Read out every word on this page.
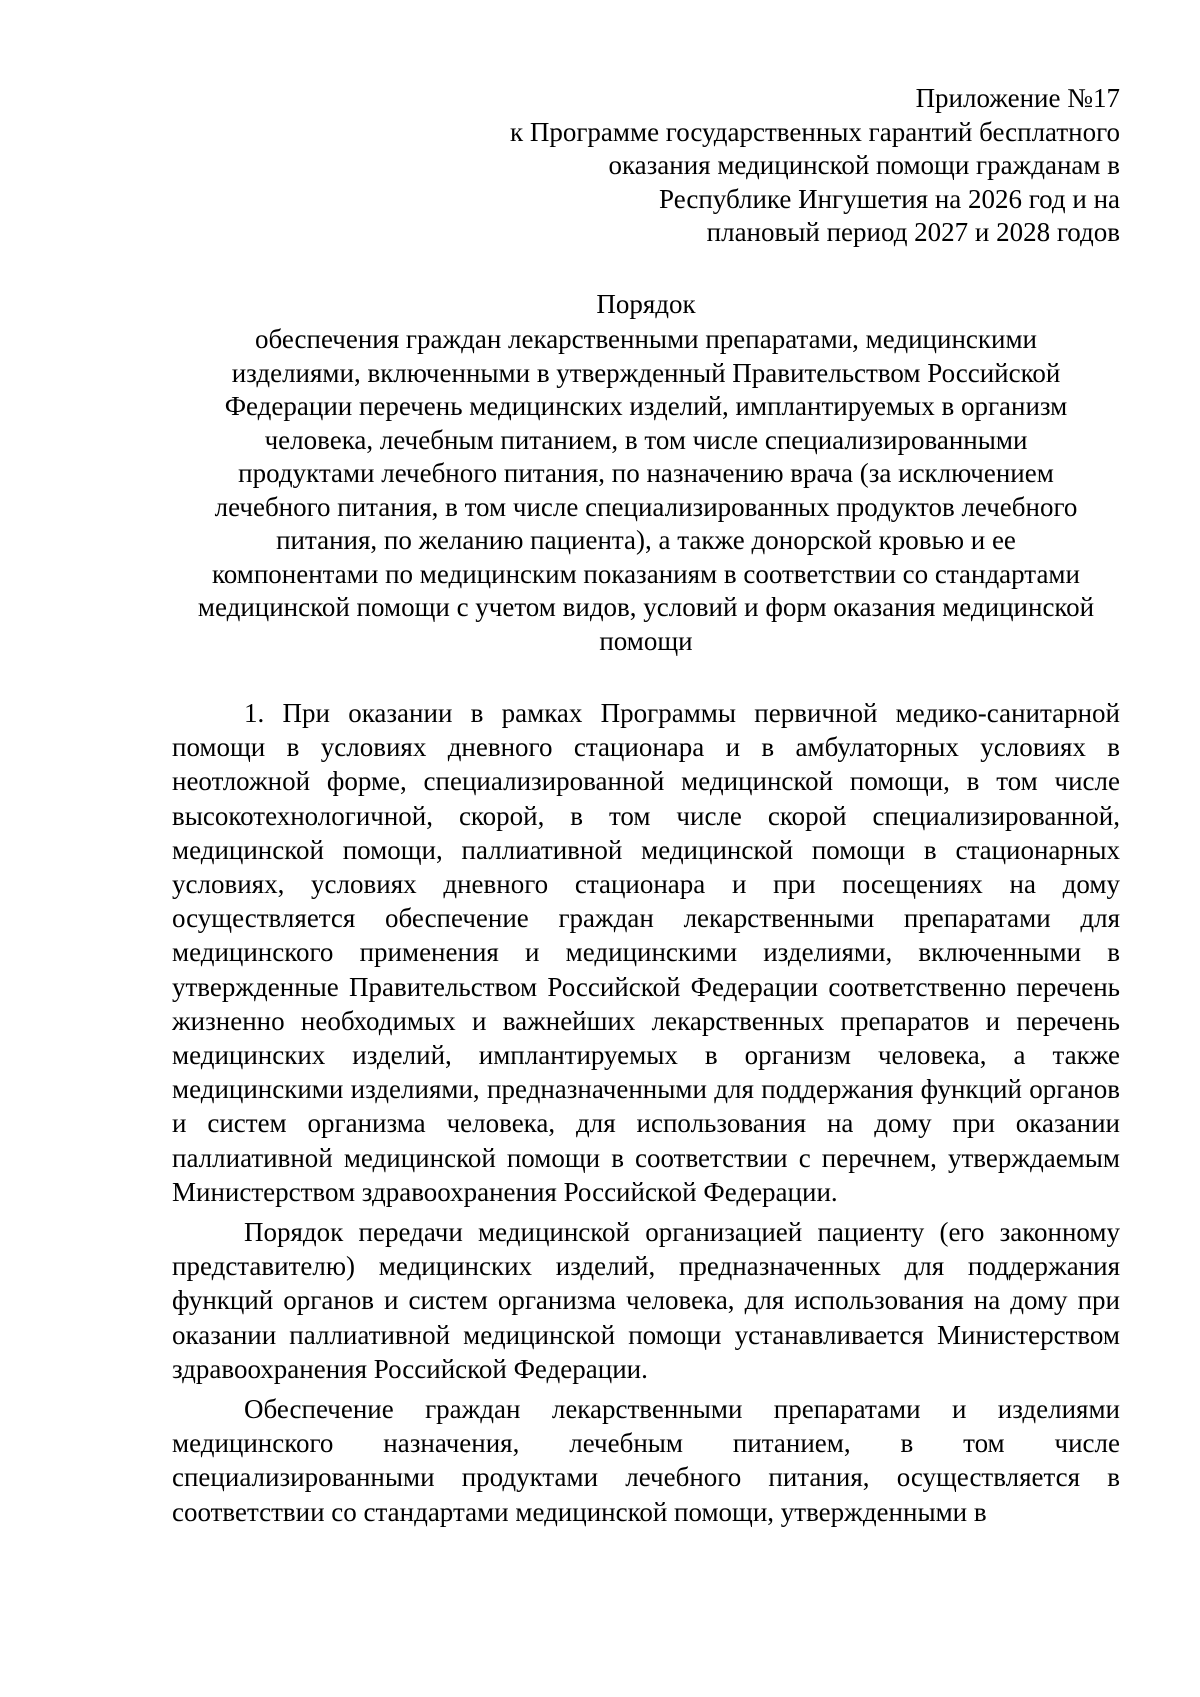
Приложение №17
к Программе государственных гарантий бесплатного
оказания медицинской помощи гражданам в
Республике Ингушетия на 2026 год и на
плановый период 2027 и 2028 годов
Порядок
обеспечения граждан лекарственными препаратами, медицинскими
изделиями, включенными в утвержденный Правительством Российской
Федерации перечень медицинских изделий, имплантируемых в организм
человека, лечебным питанием, в том числе специализированными
продуктами лечебного питания, по назначению врача (за исключением
лечебного питания, в том числе специализированных продуктов лечебного
питания, по желанию пациента), а также донорской кровью и ее
компонентами по медицинским показаниям в соответствии со стандартами
медицинской помощи с учетом видов, условий и форм оказания медицинской
помощи

1. При оказании в рамках Программы первичной медико-санитарной помощи в условиях дневного стационара и в амбулаторных условиях в неотложной форме, специализированной медицинской помощи, в том числе высокотехнологичной, скорой, в том числе скорой специализированной, медицинской помощи, паллиативной медицинской помощи в стационарных условиях, условиях дневного стационара и при посещениях на дому осуществляется обеспечение граждан лекарственными препаратами для медицинского применения и медицинскими изделиями, включенными в утвержденные Правительством Российской Федерации соответственно перечень жизненно необходимых и важнейших лекарственных препаратов и перечень медицинских изделий, имплантируемых в организм человека, а также медицинскими изделиями, предназначенными для поддержания функций органов и систем организма человека, для использования на дому при оказании паллиативной медицинской помощи в соответствии с перечнем, утверждаемым Министерством здравоохранения Российской Федерации.

Порядок передачи медицинской организацией пациенту (его законному представителю) медицинских изделий, предназначенных для поддержания функций органов и систем организма человека, для использования на дому при оказании паллиативной медицинской помощи устанавливается Министерством здравоохранения Российской Федерации.

Обеспечение граждан лекарственными препаратами и изделиями медицинского назначения, лечебным питанием, в том числе специализированными продуктами лечебного питания, осуществляется в соответствии со стандартами медицинской помощи, утвержденными в
